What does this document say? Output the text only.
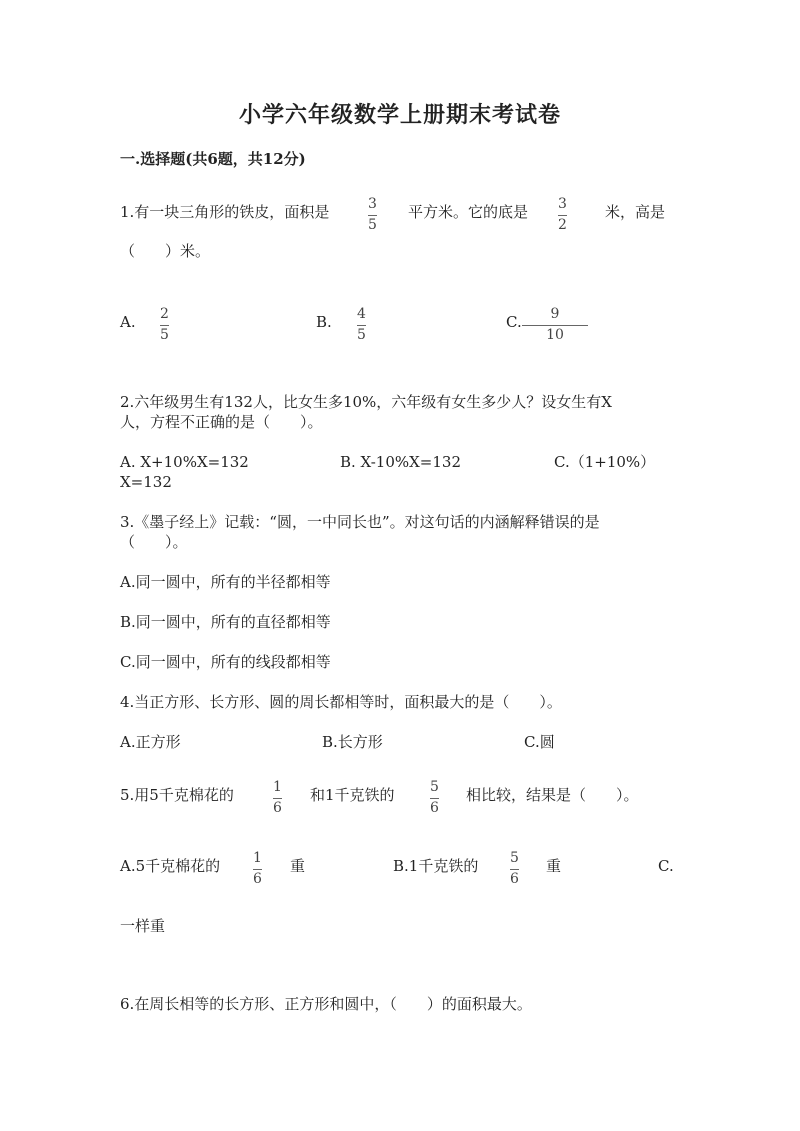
小学六年级数学上册期末考试卷
一.选择题(共6题，共12分)
1.有一块三角形的铁皮，面积是	3
5
平方米。它的底是 3
2
米，高是
（　　）米。
A. 2
5
B. 4
5
C. 9
10
2.六年级男生有132人，比女生多10%，六年级有女生多少人？设女生有X
人，方程不正确的是（　　）。
A. X+10%X=132	B. X-10%X=132	C.（1+10%）
X=132
3.《墨子经上》记载：“圆，一中同长也”。对这句话的内涵解释错误的是
（　　）。
A.同一圆中，所有的半径都相等
B.同一圆中，所有的直径都相等
C.同一圆中，所有的线段都相等
4.当正方形、长方形、圆的周长都相等时，面积最大的是（　　）。
A.正方形	B.长方形	C.圆
5.用5千克棉花的	1
6
和1千克铁的	5
6
相比较，结果是（　　）。
A.5千克棉花的 1
6
重	B.1千克铁的 5
6
重	C.
一样重
6.在周长相等的长方形、正方形和圆中，（　　）的面积最大。
